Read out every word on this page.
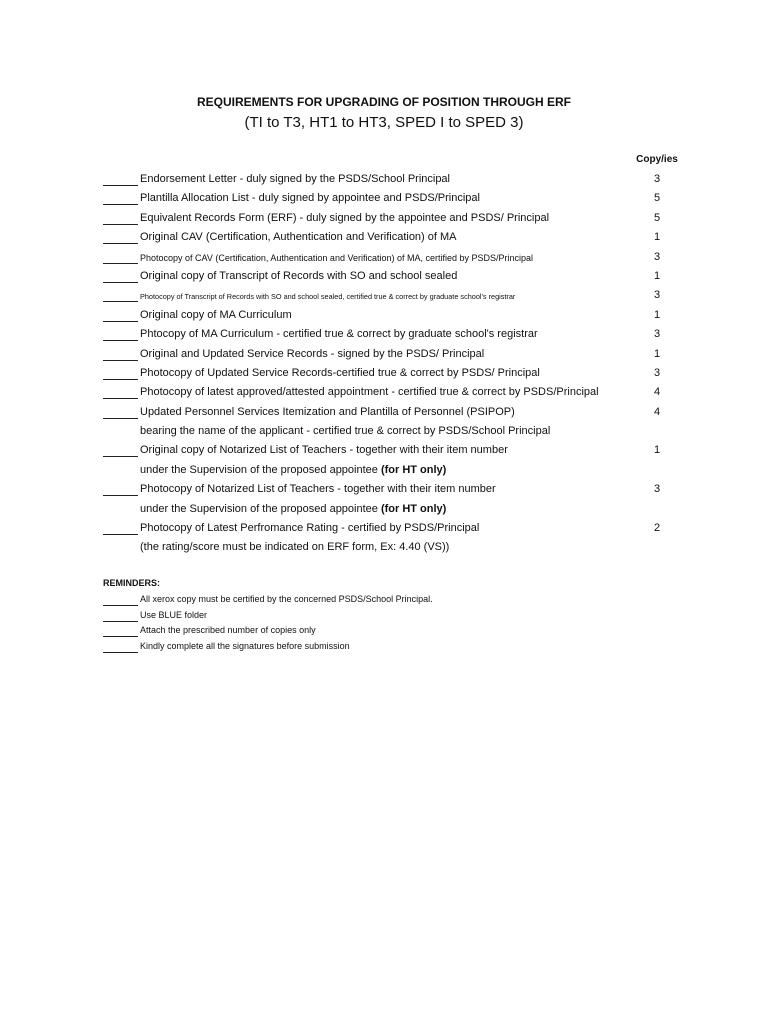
REQUIREMENTS FOR UPGRADING OF POSITION THROUGH ERF
(TI to T3, HT1 to HT3, SPED I to SPED 3)
Copy/ies
Endorsement Letter - duly signed by the PSDS/School Principal	3
Plantilla Allocation List - duly signed by appointee and PSDS/Principal	5
Equivalent Records Form (ERF) - duly signed by the appointee and PSDS/ Principal	5
Original CAV (Certification, Authentication and Verification) of MA	1
Photocopy of CAV (Certification, Authentication and Verification) of MA, certified by PSDS/Principal	3
Original copy of Transcript of Records with SO and school sealed	1
Photocopy of Transcript of Records with SO and school sealed, certified true & correct by graduate school's registrar	3
Original copy of MA Curriculum	1
Phtocopy of MA Curriculum - certified true & correct by graduate school's registrar	3
Original and Updated Service Records - signed by the PSDS/ Principal	1
Photocopy of Updated Service Records-certified true & correct by PSDS/ Principal	3
Photocopy of latest approved/attested appointment - certified true & correct by PSDS/Principal	4
Updated Personnel Services Itemization and Plantilla of Personnel (PSIPOP)	4
bearing the name of the applicant - certified true & correct by PSDS/School Principal
Original copy of Notarized List of Teachers - together with their item number	1
under the Supervision of the proposed appointee (for HT only)
Photocopy of Notarized List of Teachers - together with their item number	3
under the Supervision of the proposed appointee (for HT only)
Photocopy of Latest Perfromance Rating - certified by PSDS/Principal	2
(the rating/score must be indicated on ERF form, Ex: 4.40 (VS))
REMINDERS:
All xerox copy must be certified by the concerned PSDS/School Principal.
Use BLUE folder
Attach the prescribed number of copies only
Kindly complete all the signatures before submission
